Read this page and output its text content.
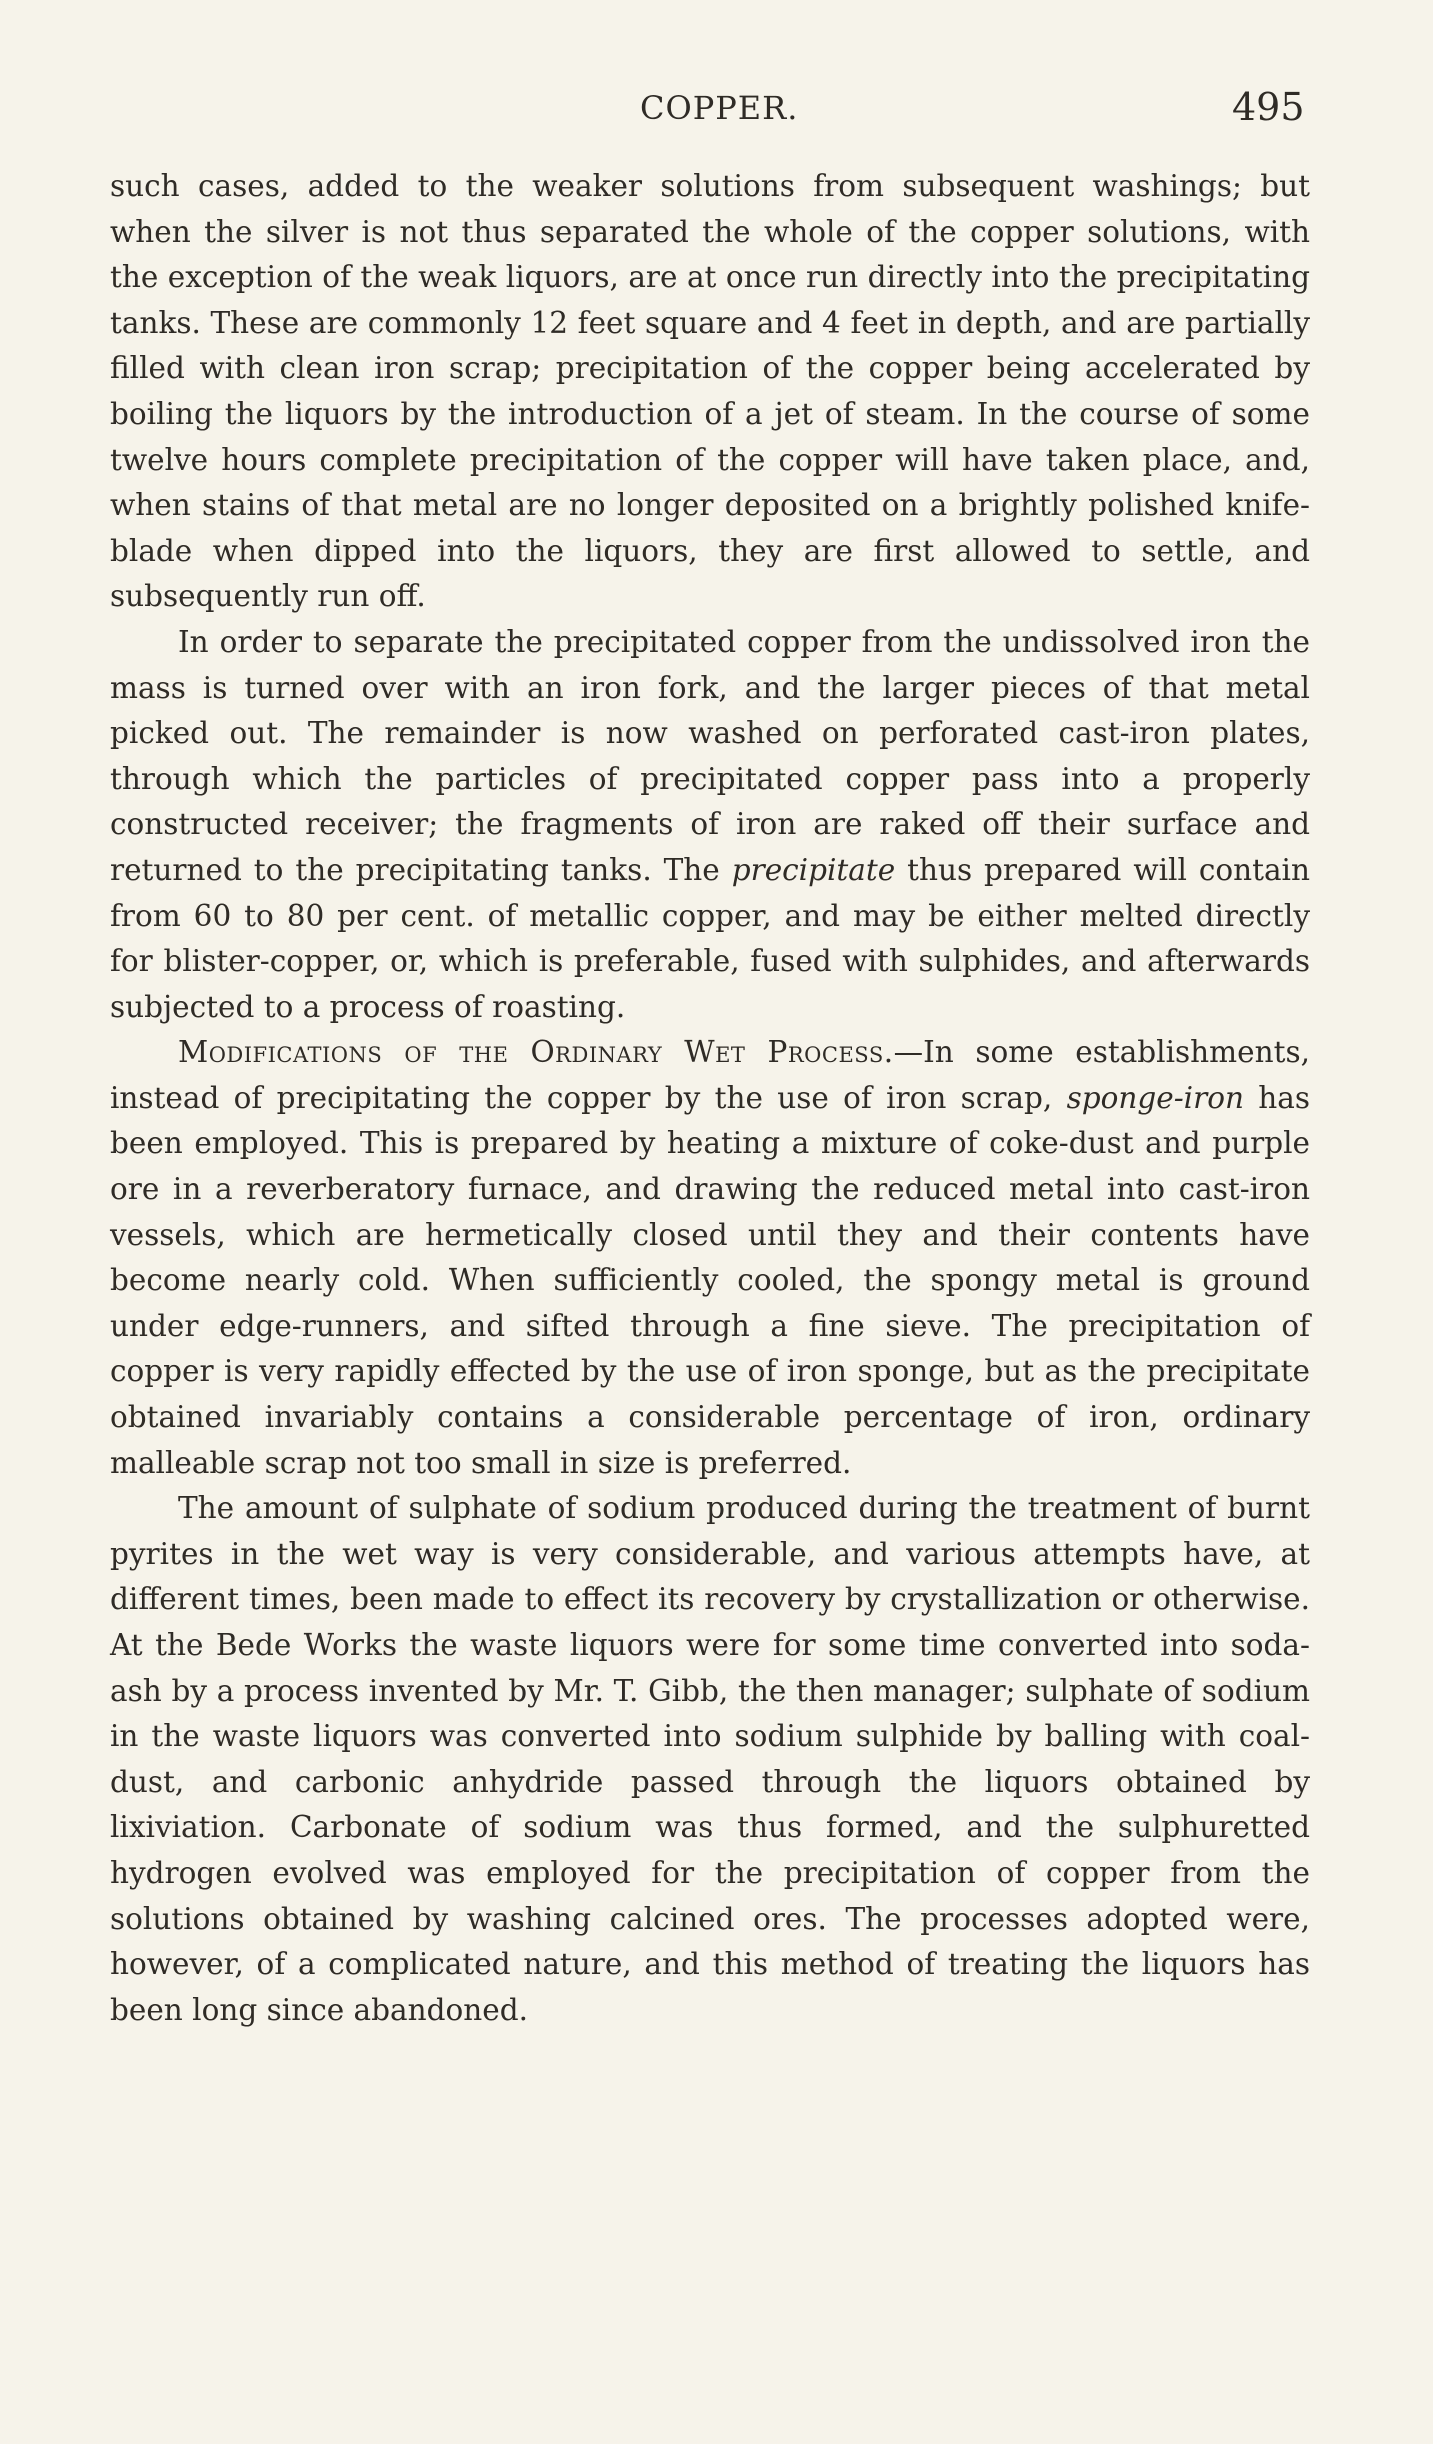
COPPER.	495

such cases, added to the weaker solutions from subsequent washings; but when the silver is not thus separated the whole of the copper solutions, with the exception of the weak liquors, are at once run directly into the precipitating tanks. These are commonly 12 feet square and 4 feet in depth, and are partially filled with clean iron scrap; precipitation of the copper being accelerated by boiling the liquors by the introduction of a jet of steam. In the course of some twelve hours complete precipitation of the copper will have taken place, and, when stains of that metal are no longer deposited on a brightly polished knife-blade when dipped into the liquors, they are first allowed to settle, and subsequently run off.

In order to separate the precipitated copper from the undissolved iron the mass is turned over with an iron fork, and the larger pieces of that metal picked out. The remainder is now washed on perforated cast-iron plates, through which the particles of precipitated copper pass into a properly constructed receiver; the fragments of iron are raked off their surface and returned to the precipitating tanks. The precipitate thus prepared will contain from 60 to 80 per cent. of metallic copper, and may be either melted directly for blister-copper, or, which is preferable, fused with sulphides, and afterwards subjected to a process of roasting.

Modifications of the Ordinary Wet Process.—In some establishments, instead of precipitating the copper by the use of iron scrap, sponge-iron has been employed. This is prepared by heating a mixture of coke-dust and purple ore in a reverberatory furnace, and drawing the reduced metal into cast-iron vessels, which are hermetically closed until they and their contents have become nearly cold. When sufficiently cooled, the spongy metal is ground under edge-runners, and sifted through a fine sieve. The precipitation of copper is very rapidly effected by the use of iron sponge, but as the precipitate obtained invariably contains a considerable percentage of iron, ordinary malleable scrap not too small in size is preferred.

The amount of sulphate of sodium produced during the treatment of burnt pyrites in the wet way is very considerable, and various attempts have, at different times, been made to effect its recovery by crystallization or otherwise. At the Bede Works the waste liquors were for some time converted into soda-ash by a process invented by Mr. T. Gibb, the then manager; sulphate of sodium in the waste liquors was converted into sodium sulphide by balling with coal-dust, and carbonic anhydride passed through the liquors obtained by lixiviation. Carbonate of sodium was thus formed, and the sulphuretted hydrogen evolved was employed for the precipitation of copper from the solutions obtained by washing calcined ores. The processes adopted were, however, of a complicated nature, and this method of treating the liquors has been long since abandoned.
